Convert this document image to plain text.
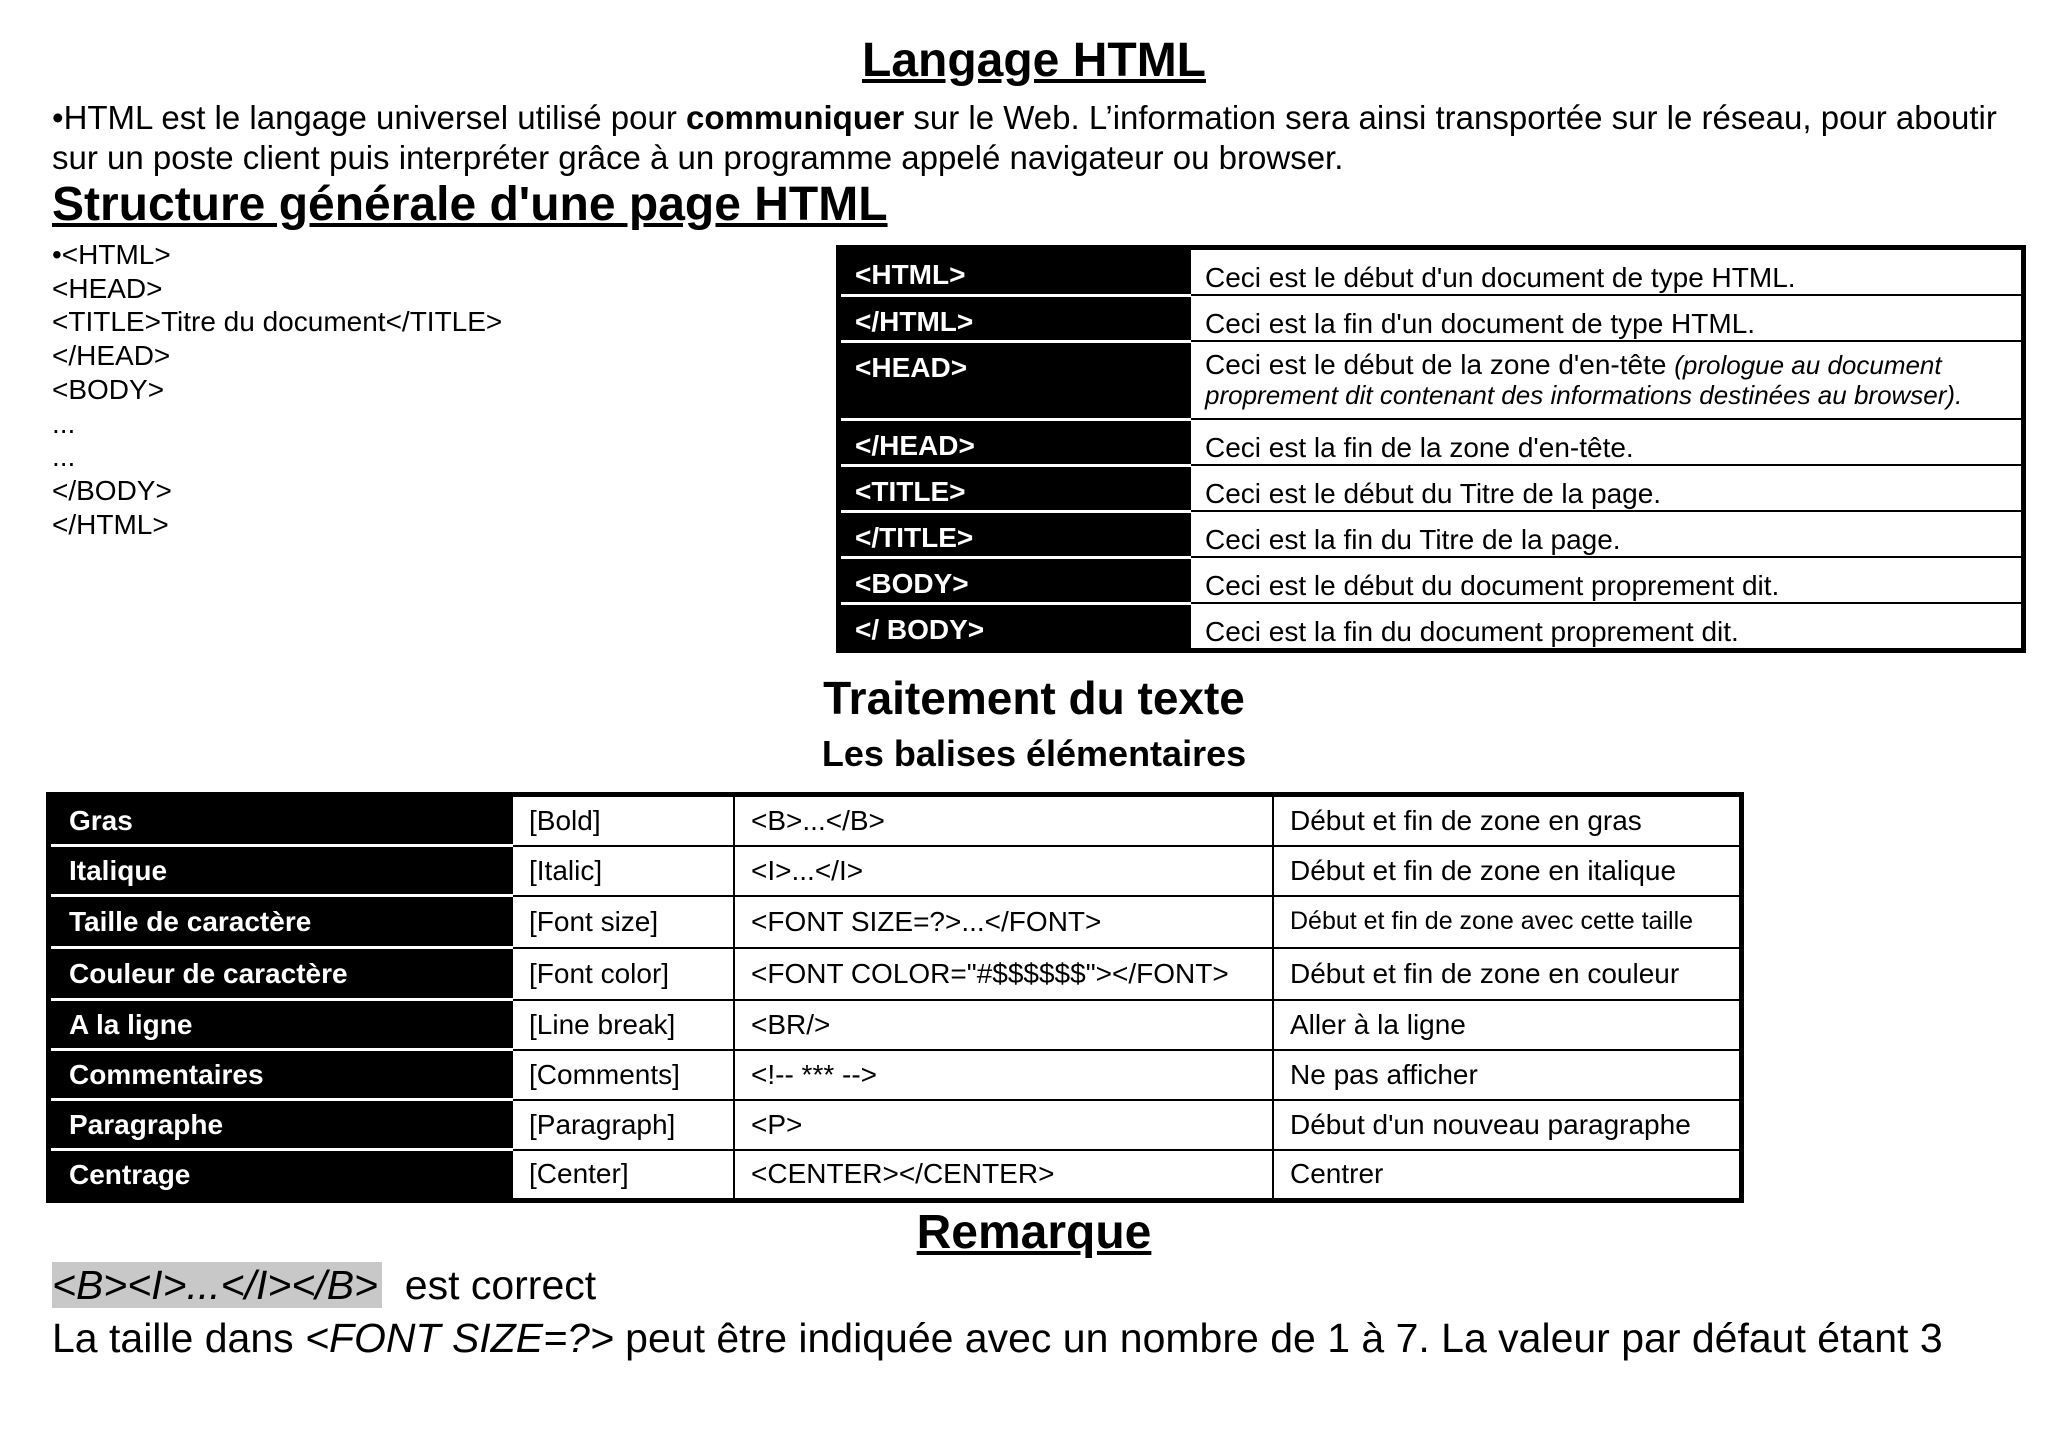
Langage HTML
•HTML est le langage universel utilisé pour communiquer sur le Web. L’information sera ainsi transportée sur le réseau, pour aboutir sur un poste client puis interpréter grâce à un programme appelé navigateur ou browser.
Structure générale d'une page HTML
•<HTML>
<HEAD>
<TITLE>Titre du document</TITLE>
</HEAD>
<BODY>
...
...
</BODY>
</HTML>
<HTML>	Ceci est le début d'un document de type HTML.
</HTML>	Ceci est la fin d'un document de type HTML.
<HEAD>	Ceci est le début de la zone d'en-tête (prologue au document proprement dit contenant des informations destinées au browser).
</HEAD>	Ceci est la fin de la zone d'en-tête.
<TITLE>	Ceci est le début du Titre de la page.
</TITLE>	Ceci est la fin du Titre de la page.
<BODY>	Ceci est le début du document proprement dit.
</ BODY>	Ceci est la fin du document proprement dit.
Traitement du texte
Les balises élémentaires
Gras	[Bold]	<B>...</B>	Début et fin de zone en gras
Italique	[Italic]	<I>...</I>	Début et fin de zone en italique
Taille de caractère	[Font size]	<FONT SIZE=?>...</FONT>	Début et fin de zone avec cette taille
Couleur de caractère	[Font color]	<FONT COLOR="#$$$$$$"></FONT>	Début et fin de zone en couleur
A la ligne	[Line break]	<BR/>	Aller à la ligne
Commentaires	[Comments]	<!-- *** -->	Ne pas afficher
Paragraphe	[Paragraph]	<P>	Début d'un nouveau paragraphe
Centrage	[Center]	<CENTER></CENTER>	Centrer
Remarque
<B><I>...</I></B>  est correct
La taille dans <FONT SIZE=?> peut être indiquée avec un nombre de 1 à 7. La valeur par défaut étant 3
